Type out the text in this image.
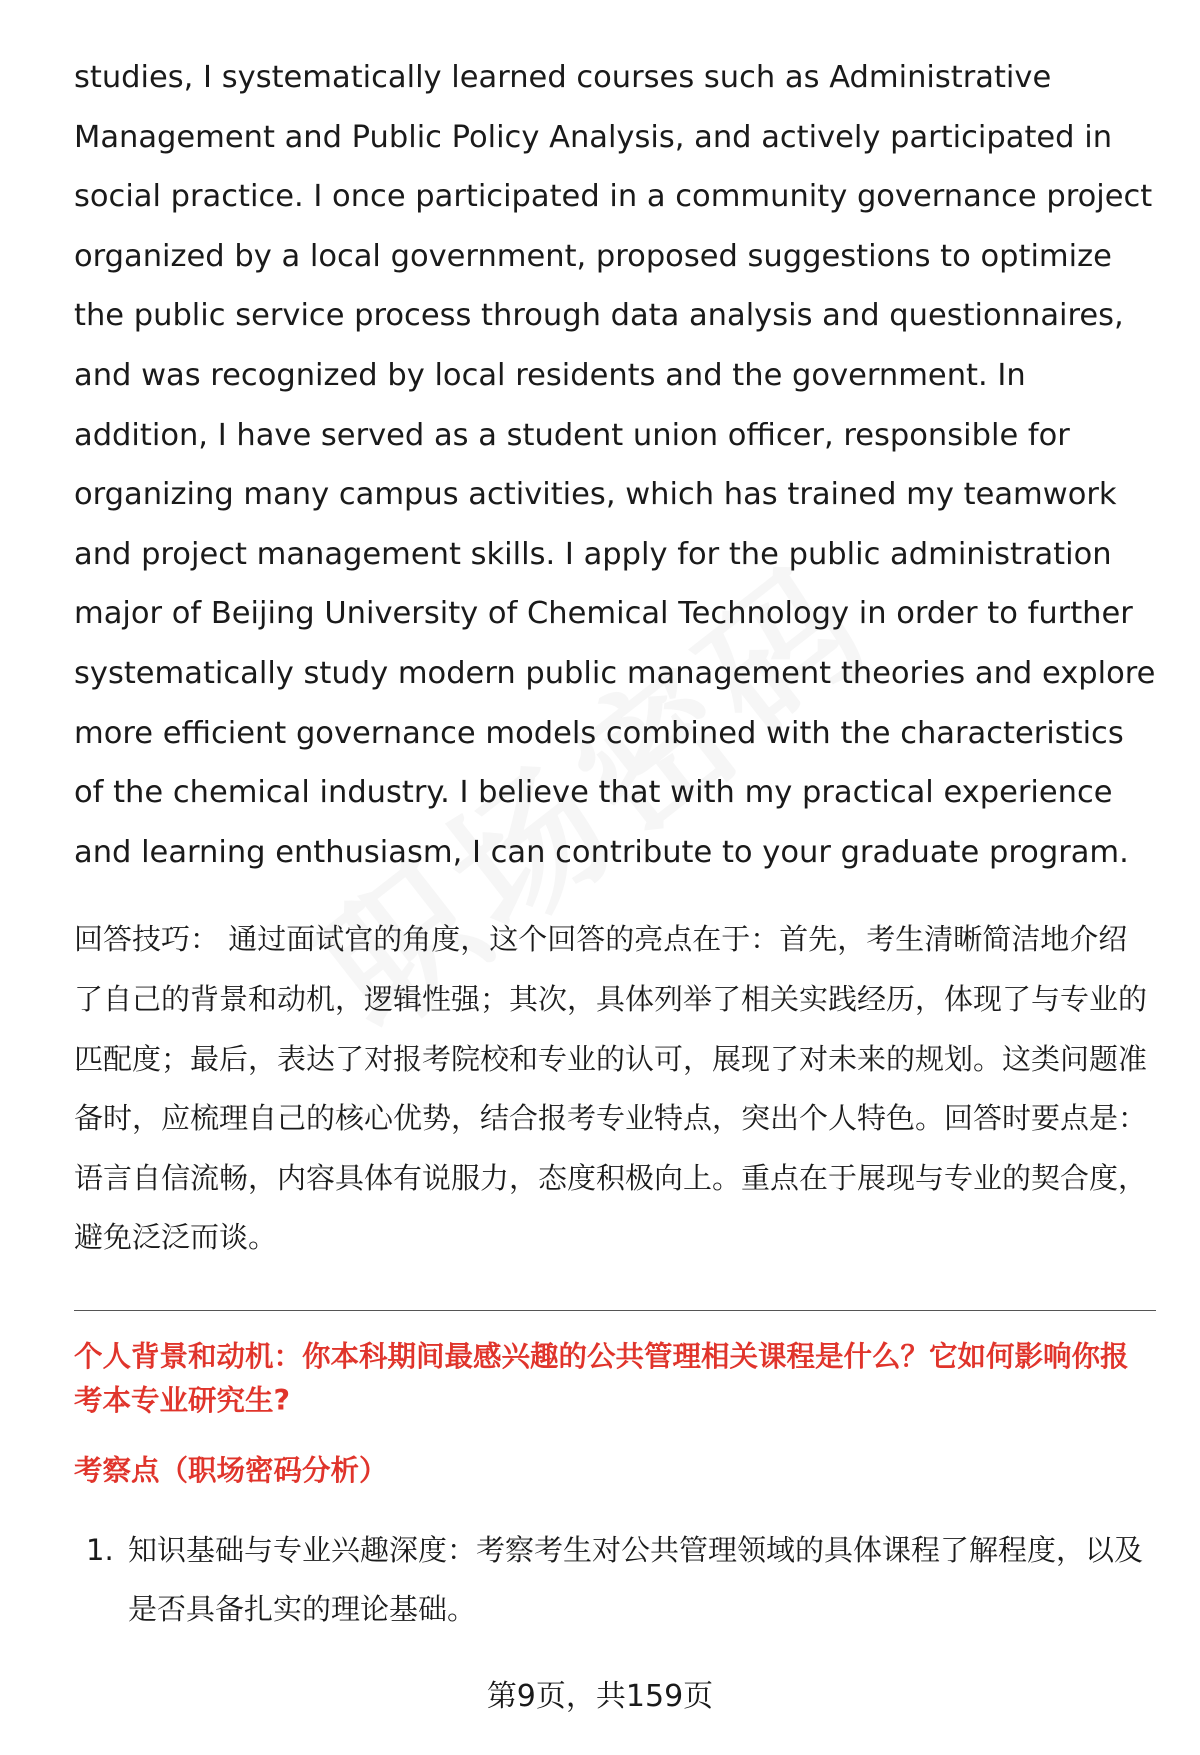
studies, I systematically learned courses such as Administrative Management and Public Policy Analysis, and actively participated in social practice. I once participated in a community governance project organized by a local government, proposed suggestions to optimize the public service process through data analysis and questionnaires, and was recognized by local residents and the government. In addition, I have served as a student union officer, responsible for organizing many campus activities, which has trained my teamwork and project management skills. I apply for the public administration major of Beijing University of Chemical Technology in order to further systematically study modern public management theories and explore more efficient governance models combined with the characteristics of the chemical industry. I believe that with my practical experience and learning enthusiasm, I can contribute to your graduate program.

回答技巧： 通过面试官的角度，这个回答的亮点在于：首先，考生清晰简洁地介绍了自己的背景和动机，逻辑性强；其次，具体列举了相关实践经历，体现了与专业的匹配度；最后，表达了对报考院校和专业的认可，展现了对未来的规划。这类问题准备时，应梳理自己的核心优势，结合报考专业特点，突出个人特色。回答时要点是：语言自信流畅，内容具体有说服力，态度积极向上。重点在于展现与专业的契合度，避免泛泛而谈。

个人背景和动机：你本科期间最感兴趣的公共管理相关课程是什么？它如何影响你报考本专业研究生?

考察点（职场密码分析）

1. 知识基础与专业兴趣深度：考察考生对公共管理领域的具体课程了解程度，以及是否具备扎实的理论基础。
第9页，共159页
